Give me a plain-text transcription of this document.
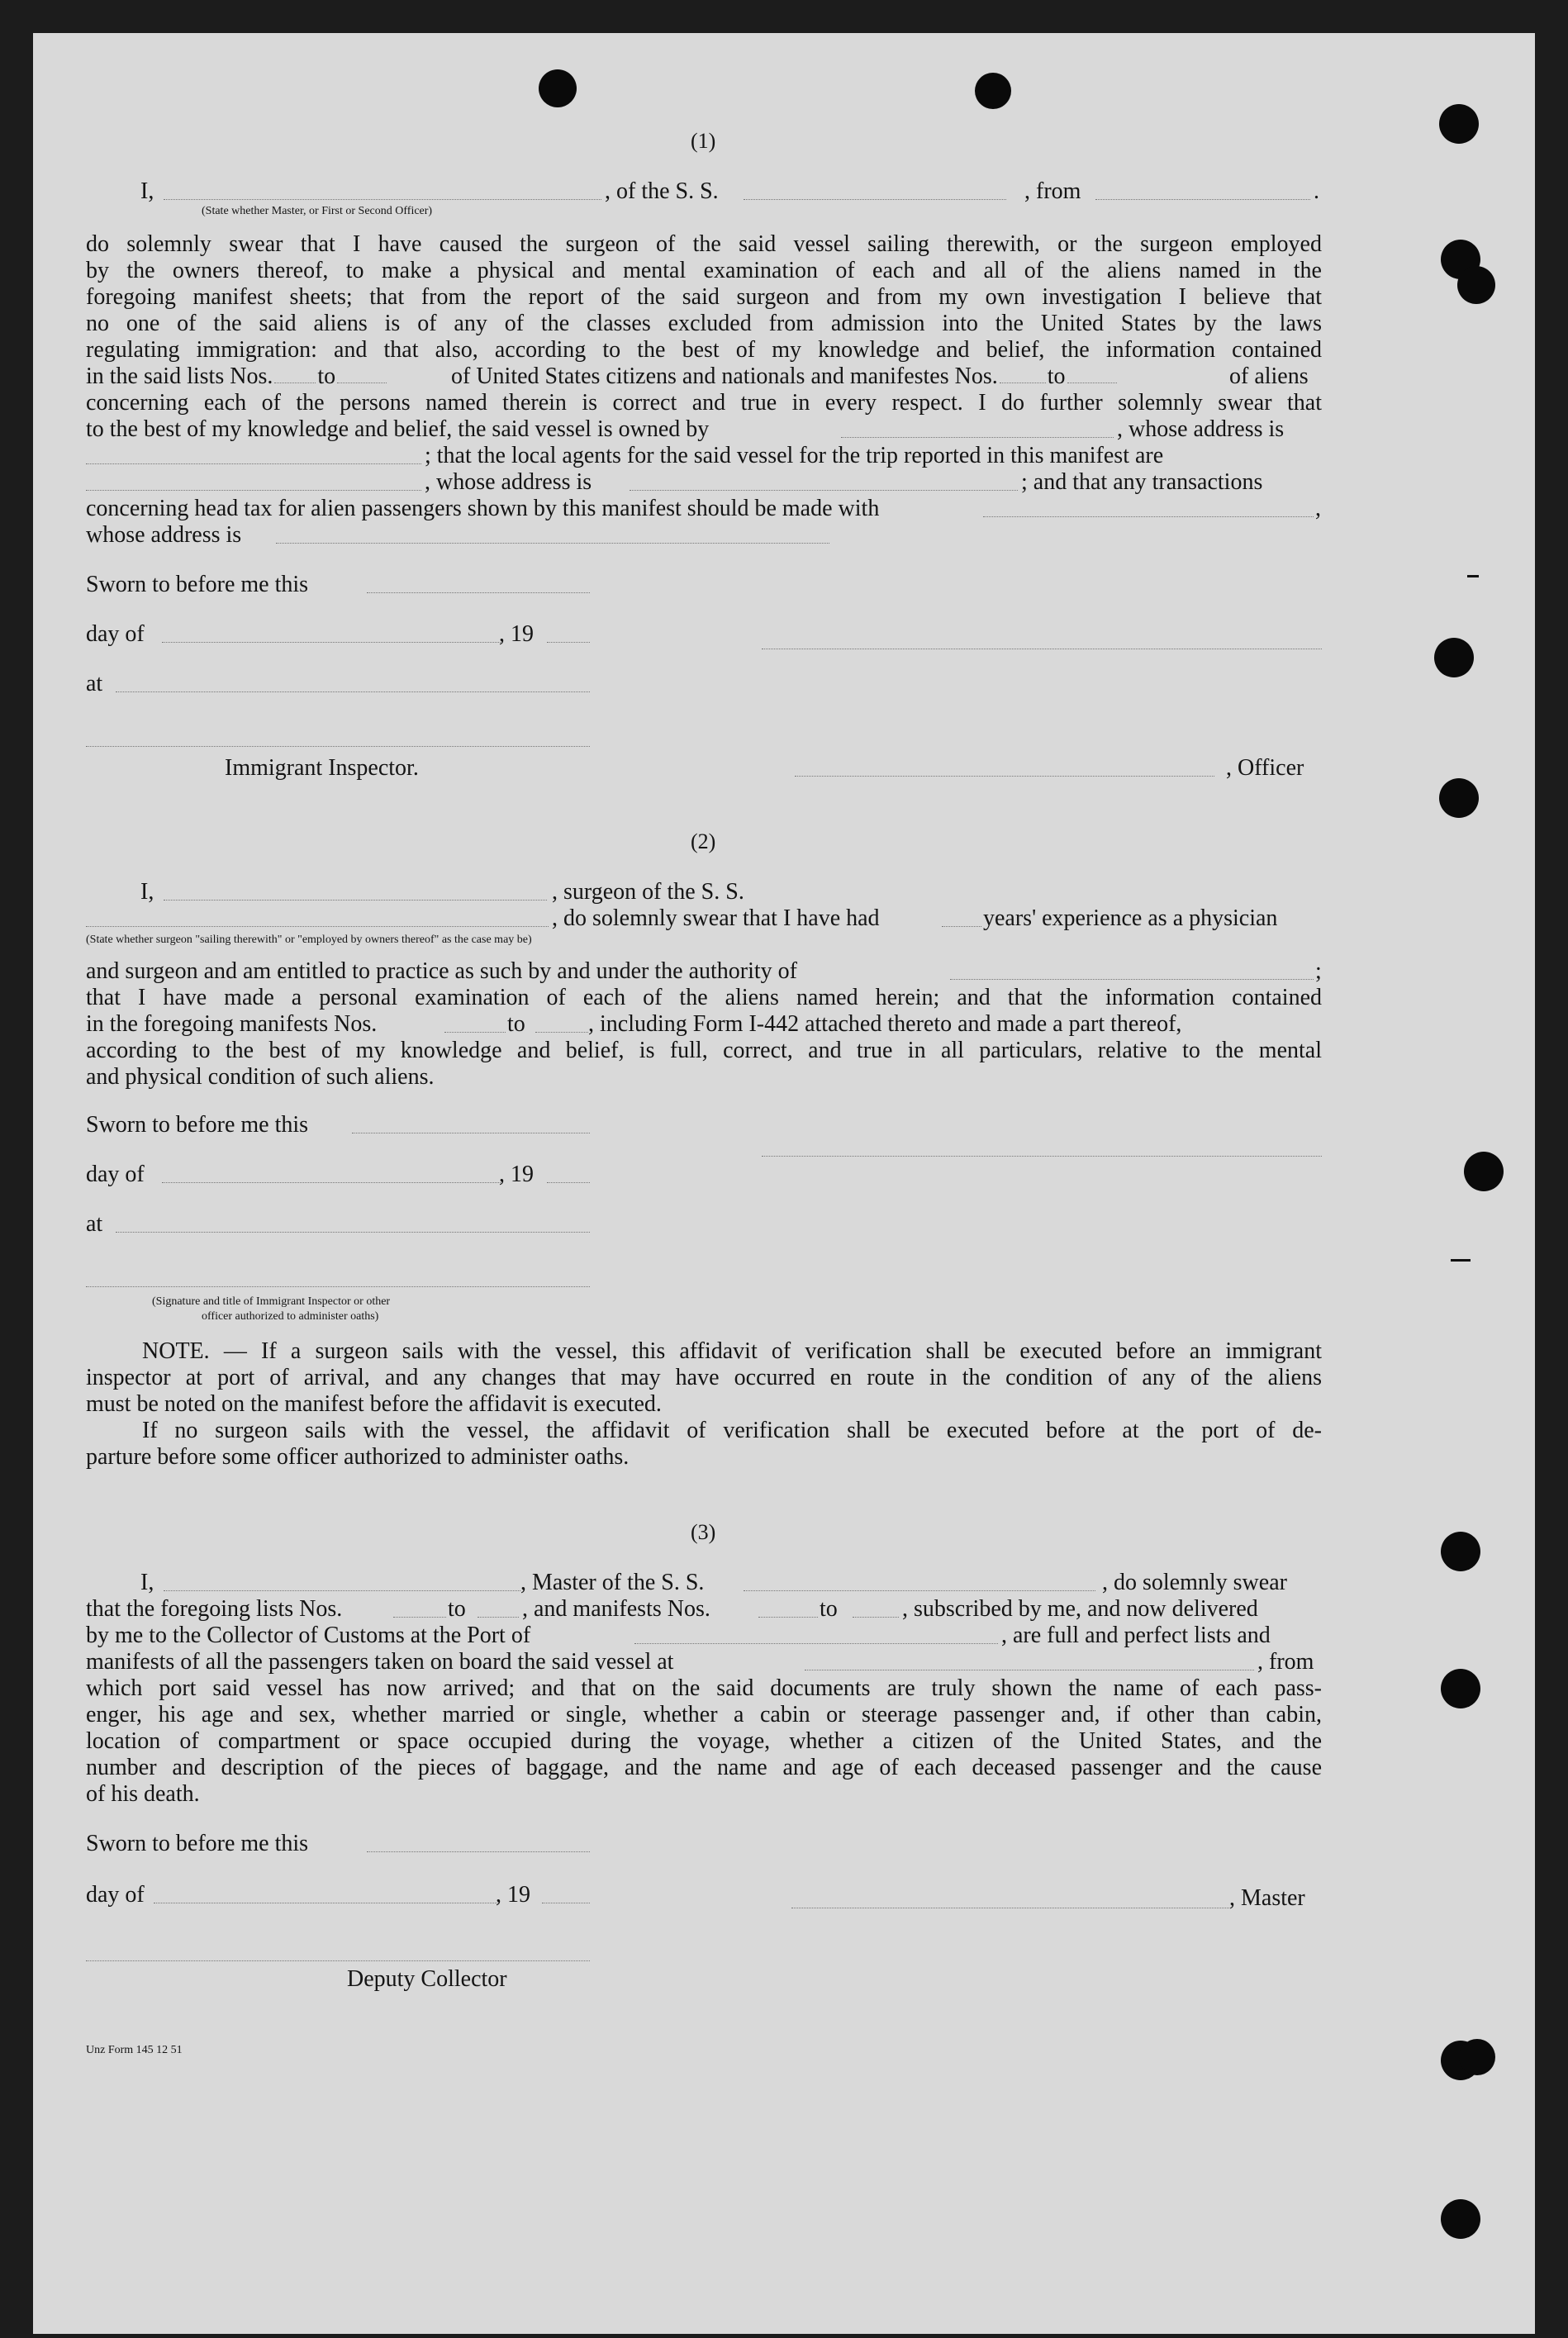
(1)
I,	, of the S. S.	, from	.
(State whether Master, or First or Second Officer)
do solemnly swear that I have caused the surgeon of the said vessel sailing therewith, or the surgeon employed
by the owners thereof, to make a physical and mental examination of each and all of the aliens named in the
foregoing manifest sheets; that from the report of the said surgeon and from my own investigation I believe that
no one of the said aliens is of any of the classes excluded from admission into the United States by the laws
regulating immigration: and that also, according to the best of my knowledge and belief, the information contained
in the said lists Nos. to	of United States citizens and nationals and manifestes Nos. to	of aliens
concerning each of the persons named therein is correct and true in every respect. I do further solemnly swear that
to the best of my knowledge and belief, the said vessel is owned by	, whose address is
; that the local agents for the said vessel for the trip reported in this manifest are
, whose address is	; and that any transactions
concerning head tax for alien passengers shown by this manifest should be made with	,
whose address is
Sworn to before me this
day of	, 19
at
Immigrant Inspector.	, Officer
(2)
I,	, surgeon of the S. S.
, do solemnly swear that I have had	years' experience as a physician
(State whether surgeon "sailing therewith" or "employed by owners thereof" as the case may be)
and surgeon and am entitled to practice as such by and under the authority of	;
that I have made a personal examination of each of the aliens named herein; and that the information contained
in the foregoing manifests Nos.	to	, including Form I-442 attached thereto and made a part thereof,
according to the best of my knowledge and belief, is full, correct, and true in all particulars, relative to the mental
and physical condition of such aliens.
Sworn to before me this
day of	, 19
at
(Signature and title of Immigrant Inspector or other
officer authorized to administer oaths)
NOTE. — If a surgeon sails with the vessel, this affidavit of verification shall be executed before an immigrant
inspector at port of arrival, and any changes that may have occurred en route in the condition of any of the aliens
must be noted on the manifest before the affidavit is executed.
If no surgeon sails with the vessel, the affidavit of verification shall be executed before at the port of de-
parture before some officer authorized to administer oaths.
(3)
I,	, Master of the S. S.	, do solemnly swear
that the foregoing lists Nos.	to , and manifests Nos.	to	, subscribed by me, and now delivered
by me to the Collector of Customs at the Port of	, are full and perfect lists and
manifests of all the passengers taken on board the said vessel at	, from
which port said vessel has now arrived; and that on the said documents are truly shown the name of each pass-
enger, his age and sex, whether married or single, whether a cabin or steerage passenger and, if other than cabin,
location of compartment or space occupied during the voyage, whether a citizen of the United States, and the
number and description of the pieces of baggage, and the name and age of each deceased passenger and the cause
of his death.
Sworn to before me this
day of	, 19	, Master
Deputy Collector
Unz Form 145 12 51
